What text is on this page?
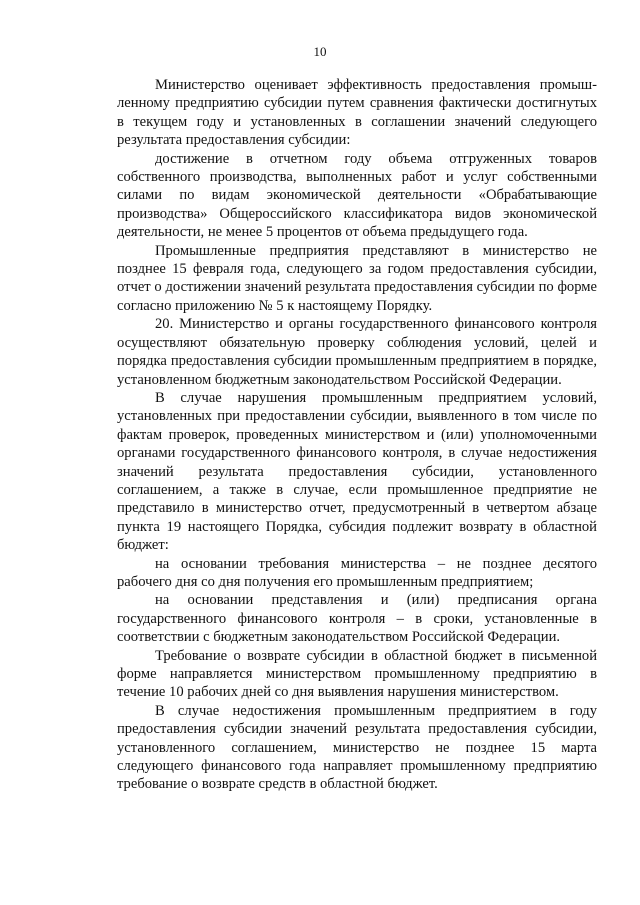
10

Министерство оценивает эффективность предоставления промыш-ленному предприятию субсидии путем сравнения фактически достигнутых в текущем году и установленных в соглашении значений следующего результата предоставления субсидии:

достижение в отчетном году объема отгруженных товаров собственного производства, выполненных работ и услуг собственными силами по видам экономической деятельности «Обрабатывающие производства» Общероссийского классификатора видов экономической деятельности, не менее 5 процентов от объема предыдущего года.

Промышленные предприятия представляют в министерство не позднее 15 февраля года, следующего за годом предоставления субсидии, отчет о достижении значений результата предоставления субсидии по форме согласно приложению № 5 к настоящему Порядку.

20. Министерство и органы государственного финансового контроля осуществляют обязательную проверку соблюдения условий, целей и порядка предоставления субсидии промышленным предприятием в порядке, установленном бюджетным законодательством Российской Федерации.

В случае нарушения промышленным предприятием условий, установленных при предоставлении субсидии, выявленного в том числе по фактам проверок, проведенных министерством и (или) уполномоченными органами государственного финансового контроля, в случае недостижения значений результата предоставления субсидии, установленного соглашением, а также в случае, если промышленное предприятие не представило в министерство отчет, предусмотренный в четвертом абзаце пункта 19 настоящего Порядка, субсидия подлежит возврату в областной бюджет:

на основании требования министерства – не позднее десятого рабочего дня со дня получения его промышленным предприятием;

на основании представления и (или) предписания органа государственного финансового контроля – в сроки, установленные в соответствии с бюджетным законодательством Российской Федерации.

Требование о возврате субсидии в областной бюджет в письменной форме направляется министерством промышленному предприятию в течение 10 рабочих дней со дня выявления нарушения министерством.

В случае недостижения промышленным предприятием в году предоставления субсидии значений результата предоставления субсидии, установленного соглашением, министерство не позднее 15 марта следующего финансового года направляет промышленному предприятию требование о возврате средств в областной бюджет.
